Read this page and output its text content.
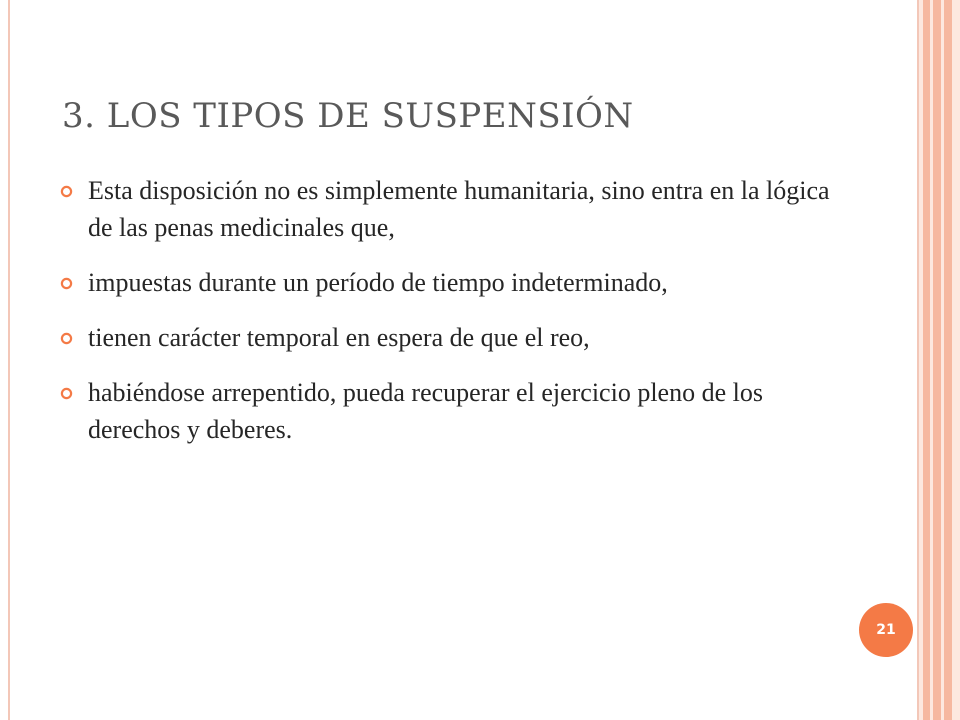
3. LOS TIPOS DE SUSPENSIÓN
Esta disposición no es simplemente humanitaria, sino entra en la lógica de las penas medicinales que,
impuestas durante un período de tiempo indeterminado,
tienen carácter temporal en espera de que el reo,
habiéndose arrepentido, pueda recuperar el ejercicio pleno de los derechos y deberes.
21
